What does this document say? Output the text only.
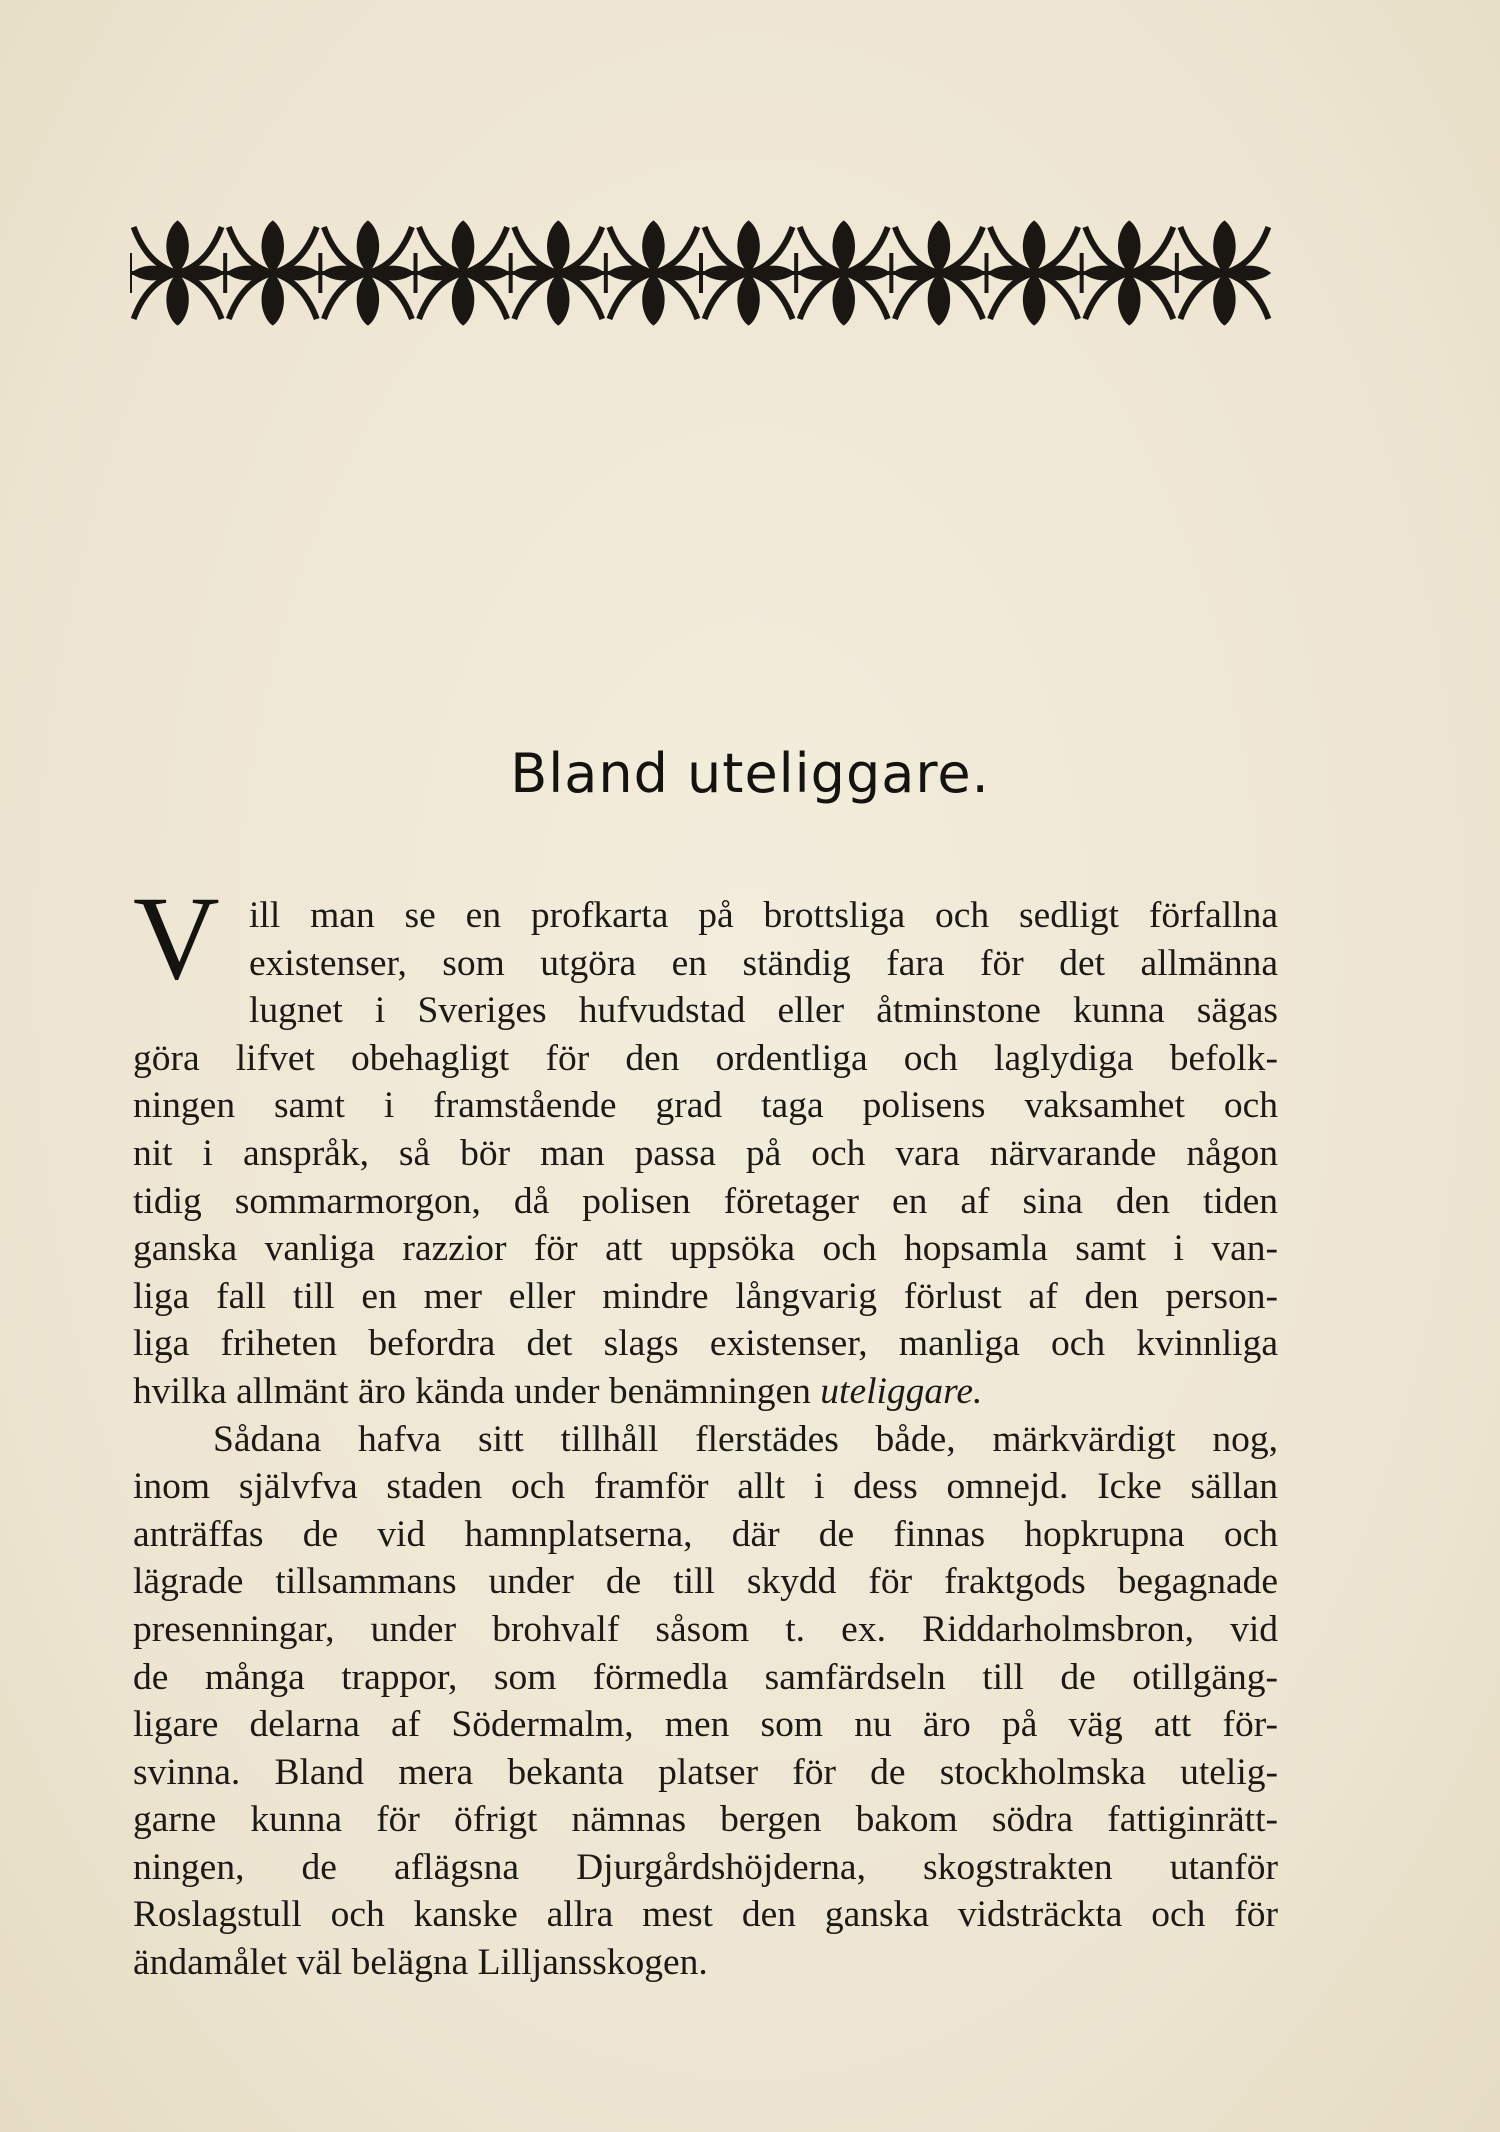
Bland uteliggare.
V ill man se en profkarta på brottsliga och sedligt förfallna
existenser, som utgöra en ständig fara för det allmänna
lugnet i Sveriges hufvudstad eller åtminstone kunna sägas
göra lifvet obehagligt för den ordentliga och laglydiga befolk-
ningen samt i framstående grad taga polisens vaksamhet och
nit i anspråk, så bör man passa på och vara närvarande någon
tidig sommarmorgon, då polisen företager en af sina den tiden
ganska vanliga razzior för att uppsöka och hopsamla samt i van-
liga fall till en mer eller mindre långvarig förlust af den person-
liga friheten befordra det slags existenser, manliga och kvinnliga
hvilka allmänt äro kända under benämningen uteliggare.
Sådana hafva sitt tillhåll flerstädes både, märkvärdigt nog,
inom självfva staden och framför allt i dess omnejd. Icke sällan
anträffas de vid hamnplatserna, där de finnas hopkrupna och
lägrade tillsammans under de till skydd för fraktgods begagnade
presenningar, under brohvalf såsom t. ex. Riddarholmsbron, vid
de många trappor, som förmedla samfärdseln till de otillgäng-
ligare delarna af Södermalm, men som nu äro på väg att för-
svinna. Bland mera bekanta platser för de stockholmska utelig-
garne kunna för öfrigt nämnas bergen bakom södra fattiginrätt-
ningen, de aflägsna Djurgårdshöjderna, skogstrakten utanför
Roslagstull och kanske allra mest den ganska vidsträckta och för
ändamålet väl belägna Lilljansskogen.
